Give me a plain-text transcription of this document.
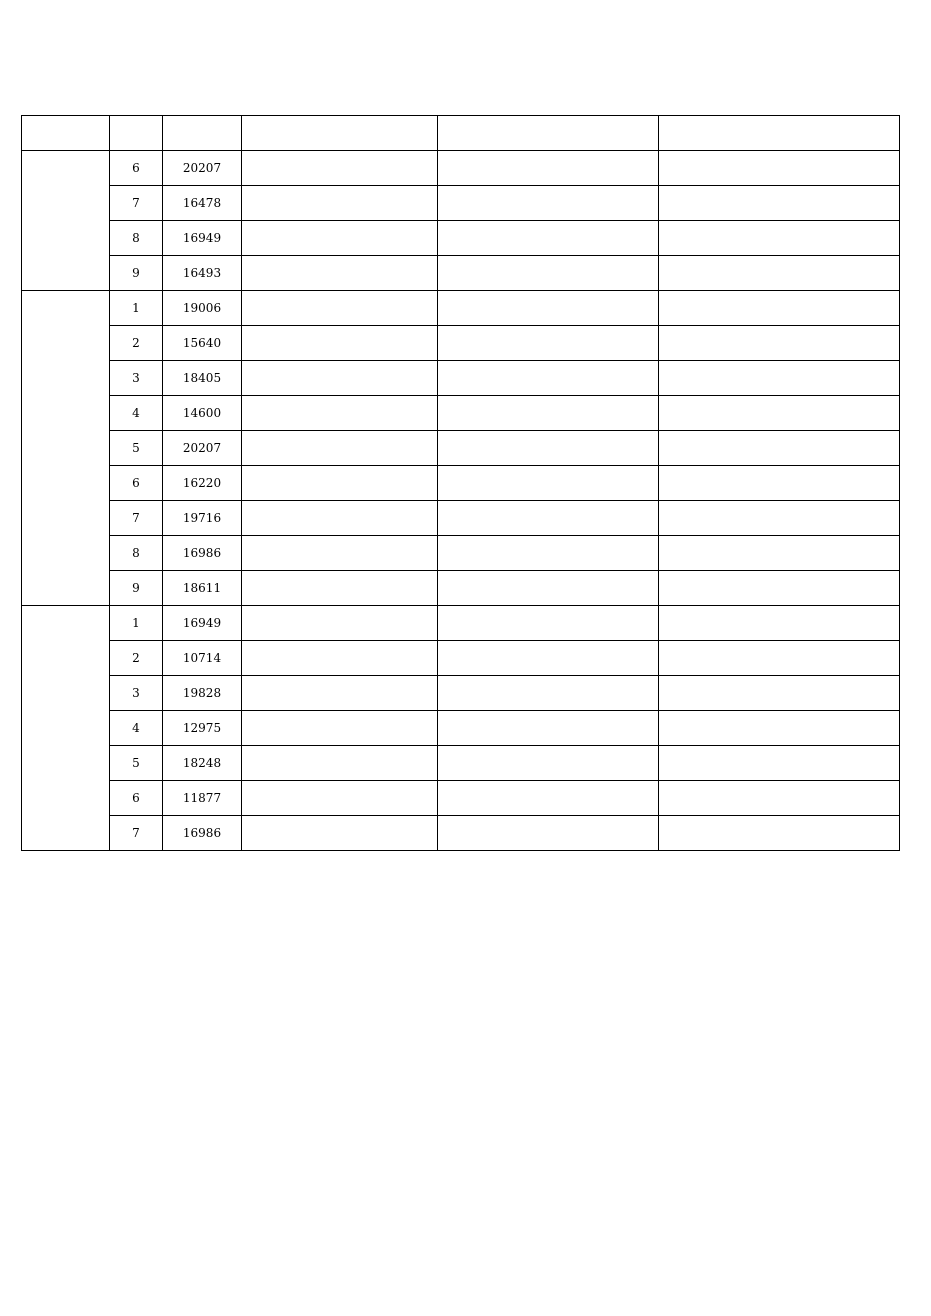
	6	20207			
	7	16478			
	8	16949			
	9	16493			
	1	19006			
	2	15640			
	3	18405			
	4	14600			
	5	20207			
	6	16220			
	7	19716			
	8	16986			
	9	18611			
	1	16949			
	2	10714			
	3	19828			
	4	12975			
	5	18248			
	6	11877			
	7	16986			
